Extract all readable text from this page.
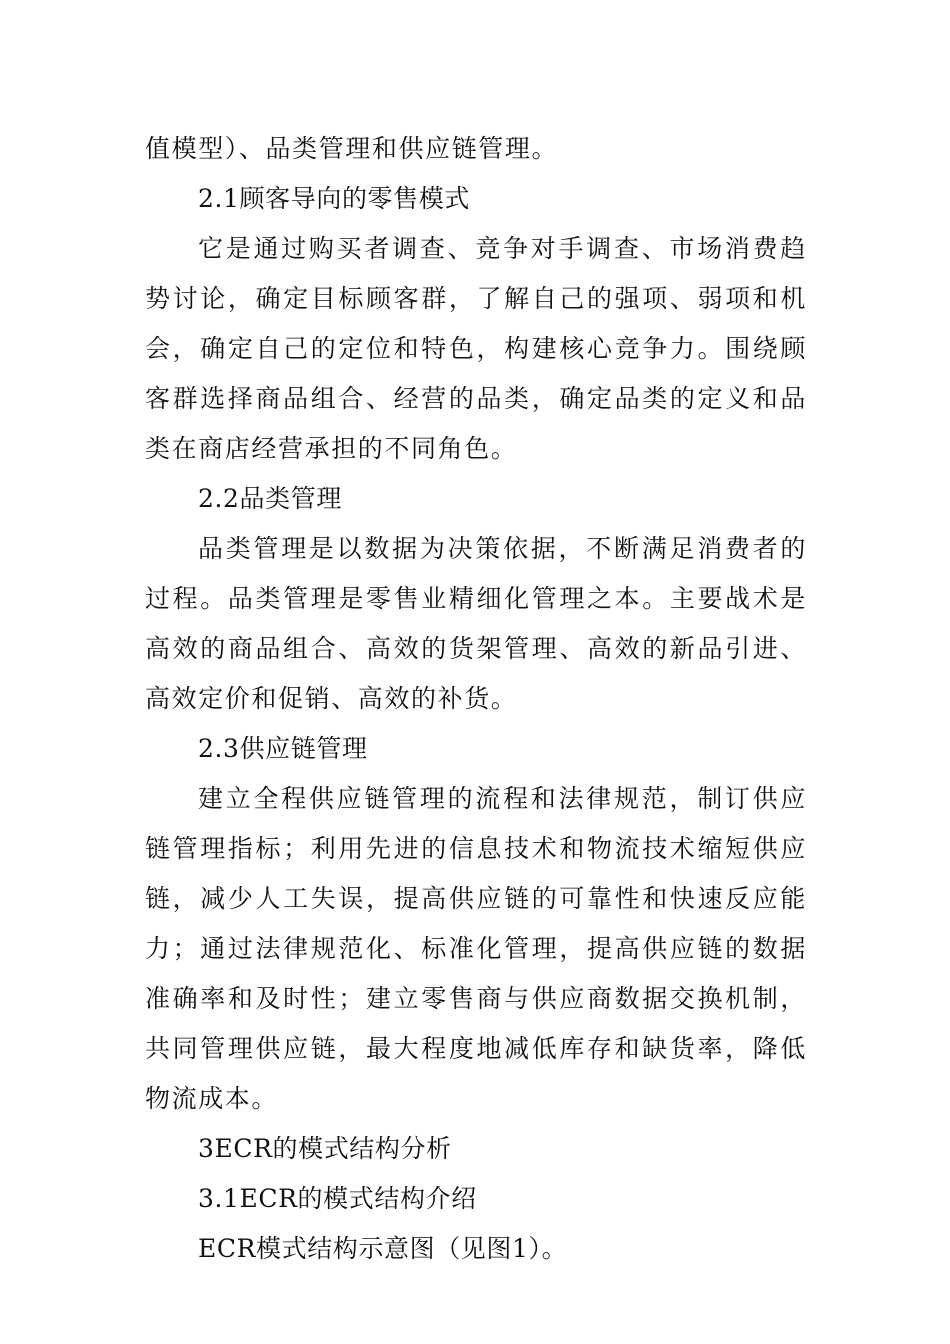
值模型）、品类管理和供应链管理。

2.1顾客导向的零售模式

它是通过购买者调查、竞争对手调查、市场消费趋势讨论，确定目标顾客群，了解自己的强项、弱项和机会，确定自己的定位和特色，构建核心竞争力。围绕顾客群选择商品组合、经营的品类，确定品类的定义和品类在商店经营承担的不同角色。

2.2品类管理

品类管理是以数据为决策依据，不断满足消费者的过程。品类管理是零售业精细化管理之本。主要战术是高效的商品组合、高效的货架管理、高效的新品引进、高效定价和促销、高效的补货。

2.3供应链管理

建立全程供应链管理的流程和法律规范，制订供应链管理指标；利用先进的信息技术和物流技术缩短供应链，减少人工失误，提高供应链的可靠性和快速反应能力；通过法律规范化、标准化管理，提高供应链的数据准确率和及时性；建立零售商与供应商数据交换机制，共同管理供应链，最大程度地减低库存和缺货率，降低物流成本。

3ECR的模式结构分析

3.1ECR的模式结构介绍

ECR模式结构示意图（见图1）。
